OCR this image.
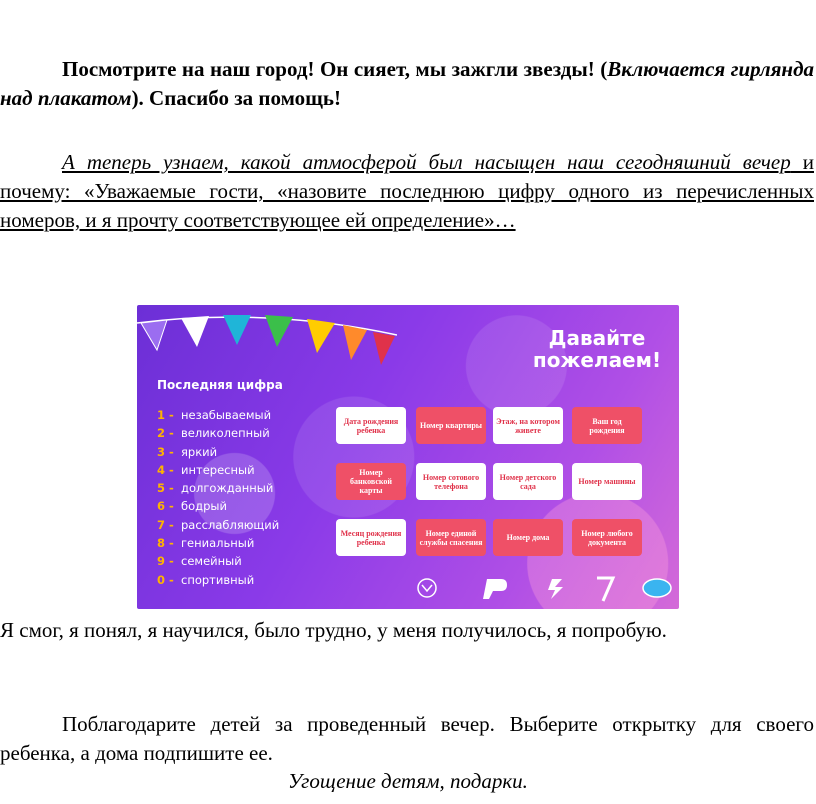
Посмотрите на наш город! Он сияет, мы зажгли звезды! (Включается гирлянда над плакатом). Спасибо за помощь!
А теперь узнаем, какой атмосферой был насыщен наш сегодняшний вечер и почему: «Уважаемые гости, «назовите последнюю цифру одного из перечисленных номеров, и я прочту соответствующее ей определение»…
Давайте
пожелаем!
Последняя цифра
1 - незабываемый
2 - великолепный
3 - яркий
4 - интересный
5 - долгожданный
6 - бодрый
7 - расслабляющий
8 - гениальный
9 - семейный
0 - спортивный
Дата рождения ребенка	Номер квартиры	Этаж, на котором живете
Ваш год рождения
Номер банковской карты
Номер сотового телефона
Номер детского сада	Номер машины
Месяц рождения ребенка
Номер единой службы спасения	Номер дома	Номер любого документа
Я смог, я понял, я научился, было трудно, у меня получилось, я попробую.
Поблагодарите детей за проведенный вечер. Выберите открытку для своего ребенка, а дома подпишите ее.
Угощение детям, подарки.
